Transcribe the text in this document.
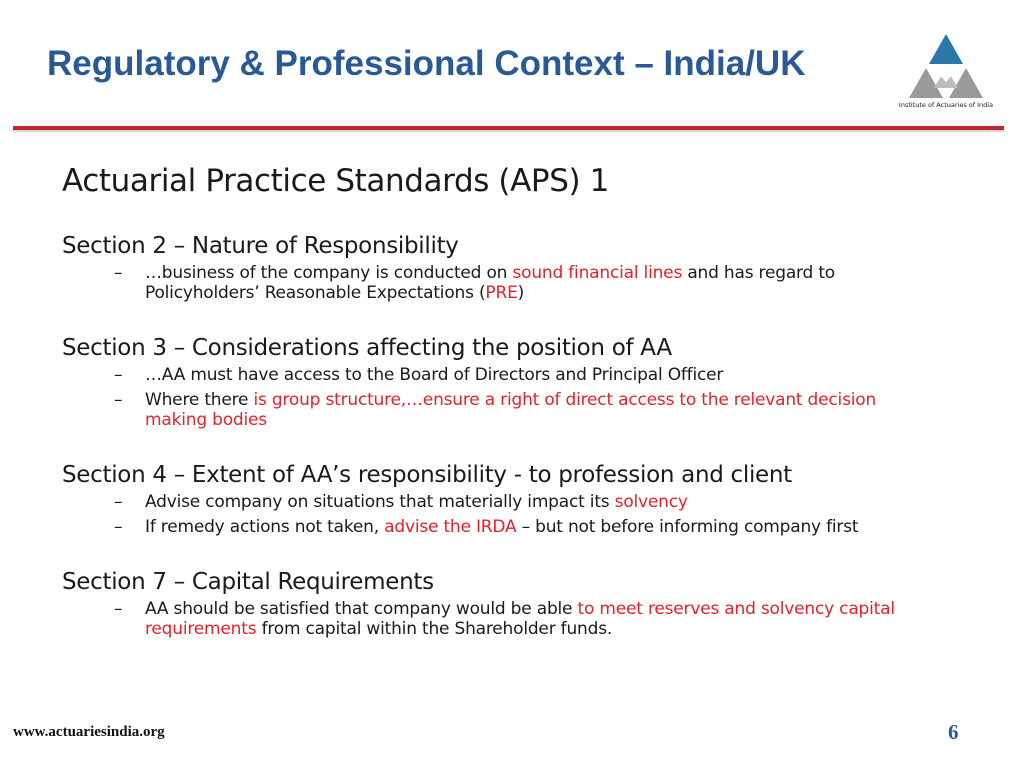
Regulatory & Professional Context – India/UK
Institute of Actuaries of India
Actuarial Practice Standards (APS) 1
Section 2 – Nature of Responsibility
– …business of the company is conducted on sound financial lines and has regard to Policyholders’ Reasonable Expectations (PRE)
Section 3 – Considerations affecting the position of AA
– …AA must have access to the Board of Directors and Principal Officer
– Where there is group structure,…ensure a right of direct access to the relevant decision making bodies
Section 4 – Extent of AA’s responsibility - to profession and client
– Advise company on situations that materially impact its solvency
– If remedy actions not taken, advise the IRDA – but not before informing company first
Section 7 – Capital Requirements
– AA should be satisfied that company would be able to meet reserves and solvency capital requirements from capital within the Shareholder funds.
www.actuariesindia.org	6
